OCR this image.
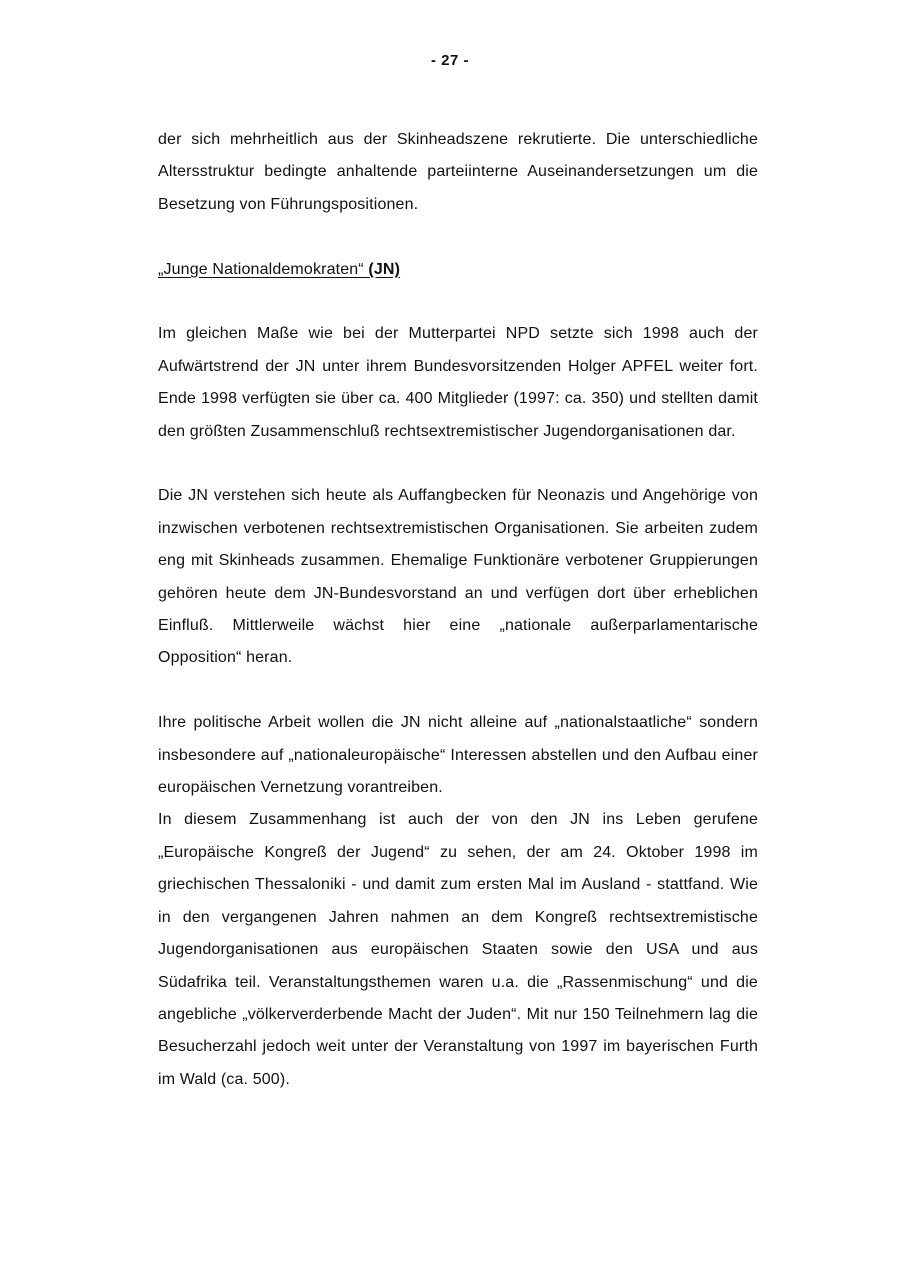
- 27 -

der sich mehrheitlich aus der Skinheadszene rekrutierte. Die unterschiedliche Altersstruktur bedingte anhaltende parteiinterne Auseinandersetzungen um die Besetzung von Führungspositionen.

„Junge Nationaldemokraten“ (JN)

Im gleichen Maße wie bei der Mutterpartei NPD setzte sich 1998 auch der Aufwärtstrend der JN unter ihrem Bundesvorsitzenden Holger APFEL weiter fort. Ende 1998 verfügten sie über ca. 400 Mitglieder (1997: ca. 350) und stellten damit den größten Zusammenschluß rechtsextremistischer Jugendorganisationen dar.

Die JN verstehen sich heute als Auffangbecken für Neonazis und Angehörige von inzwischen verbotenen rechtsextremistischen Organisationen. Sie arbeiten zudem eng mit Skinheads zusammen. Ehemalige Funktionäre verbotener Gruppierungen gehören heute dem JN-Bundesvorstand an und verfügen dort über erheblichen Einfluß. Mittlerweile wächst hier eine „nationale außerparlamentarische Opposition“ heran.

Ihre politische Arbeit wollen die JN nicht alleine auf „nationalstaatliche“ sondern insbesondere auf „nationaleuropäische“ Interessen abstellen und den Aufbau einer europäischen Vernetzung vorantreiben.

In diesem Zusammenhang ist auch der von den JN ins Leben gerufene „Europäische Kongreß der Jugend“ zu sehen, der am 24. Oktober 1998 im griechischen Thessaloniki - und damit zum ersten Mal im Ausland - stattfand. Wie in den vergangenen Jahren nahmen an dem Kongreß rechtsextremistische Jugendorganisationen aus europäischen Staaten sowie den USA und aus Südafrika teil. Veranstaltungsthemen waren u.a. die „Rassenmischung“ und die angebliche „völkerverderbende Macht der Juden“. Mit nur 150 Teilnehmern lag die Besucherzahl jedoch weit unter der Veranstaltung von 1997 im bayerischen Furth im Wald (ca. 500).
